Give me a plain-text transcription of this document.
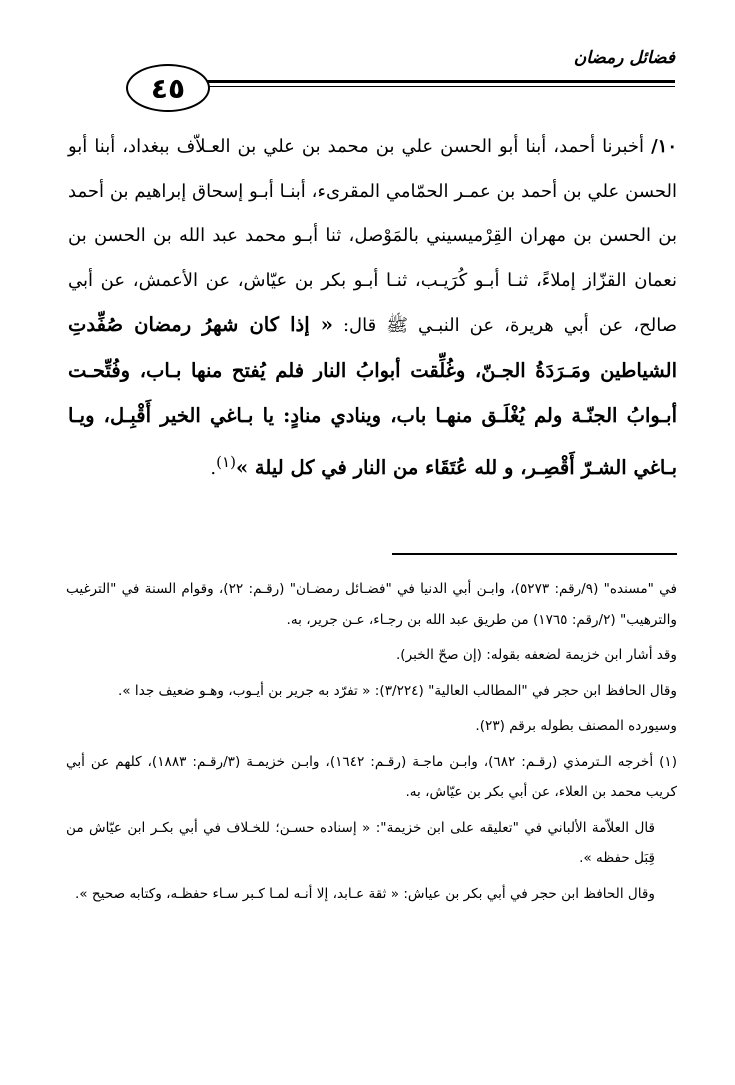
فضائل رمضان
٤٥
١٠/ أخبرنا أحمد، أبنا أبو الحسن علي بن محمد بن علي بن العـلاّف ببغداد، أبنا أبو الحسن علي بن أحمد بن عمـر الحمّامي المقرىء، أبنـا أبـو إسحاق إبراهيم بن أحمد بن الحسن بن مهران القِرْميسيني بالمَوْصل، ثنا أبـو محمد عبد الله بن الحسن بن نعمان القزّاز إملاءً، ثنـا أبـو كُرَيـب، ثنـا أبـو بكر بن عيّاش، عن الأعمش، عن أبي صالح، عن أبي هريرة، عن النبـي ﷺ قال: « إذا كان شهرُ رمضان صُفِّدتِ الشياطين ومَـرَدَةُ الجـنّ، وغُلِّقت أبوابُ النار فلم يُفتح منها بـاب، وفُتِّحـت أبـوابُ الجنّـة ولم يُغْلَـق منهـا باب، وينادي منادٍ: يا بـاغي الخير أَقْبِـل، ويـا بـاغي الشـرّ أَقْصِـر، و لله عُتَقَاء من النار في كل ليلة »$^{(١)}$.

في "مسنده" (٩/رقم: ٥٢٧٣)، وابـن أبي الدنيا في "فضـائل رمضـان" (رقـم: ٢٢)، وقوام السنة في "الترغيب والترهيب" (٢/رقم: ١٧٦٥) من طريق عبد الله بن رجـاء، عـن جرير، به.

وقد أشار ابن خزيمة لضعفه بقوله: (إن صحّ الخبر).

وقال الحافظ ابن حجر في "المطالب العالية" (٣/٢٢٤): « تفرّد به جرير بن أيـوب، وهـو ضعيف جدا ».

وسيورده المصنف بطوله برقم (٢٣).

(١) أخرجه الـترمذي (رقـم: ٦٨٢)، وابـن ماجـة (رقـم: ١٦٤٢)، وابـن خزيمـة (٣/رقـم: ١٨٨٣)، كلهم عن أبي كريب محمد بن العلاء، عن أبي بكر بن عيّاش، به.

قال العلاّمة الألباني في "تعليقه على ابن خزيمة": « إسناده حسـن؛ للخـلاف في أبي بكـر ابن عيّاش من قِبَل حفظه ».

وقال الحافظ ابن حجر في أبي بكر بن عياش: « ثقة عـابد، إلا أنـه لمـا كـبر سـاء حفظـه، وكتابه صحيح ».
